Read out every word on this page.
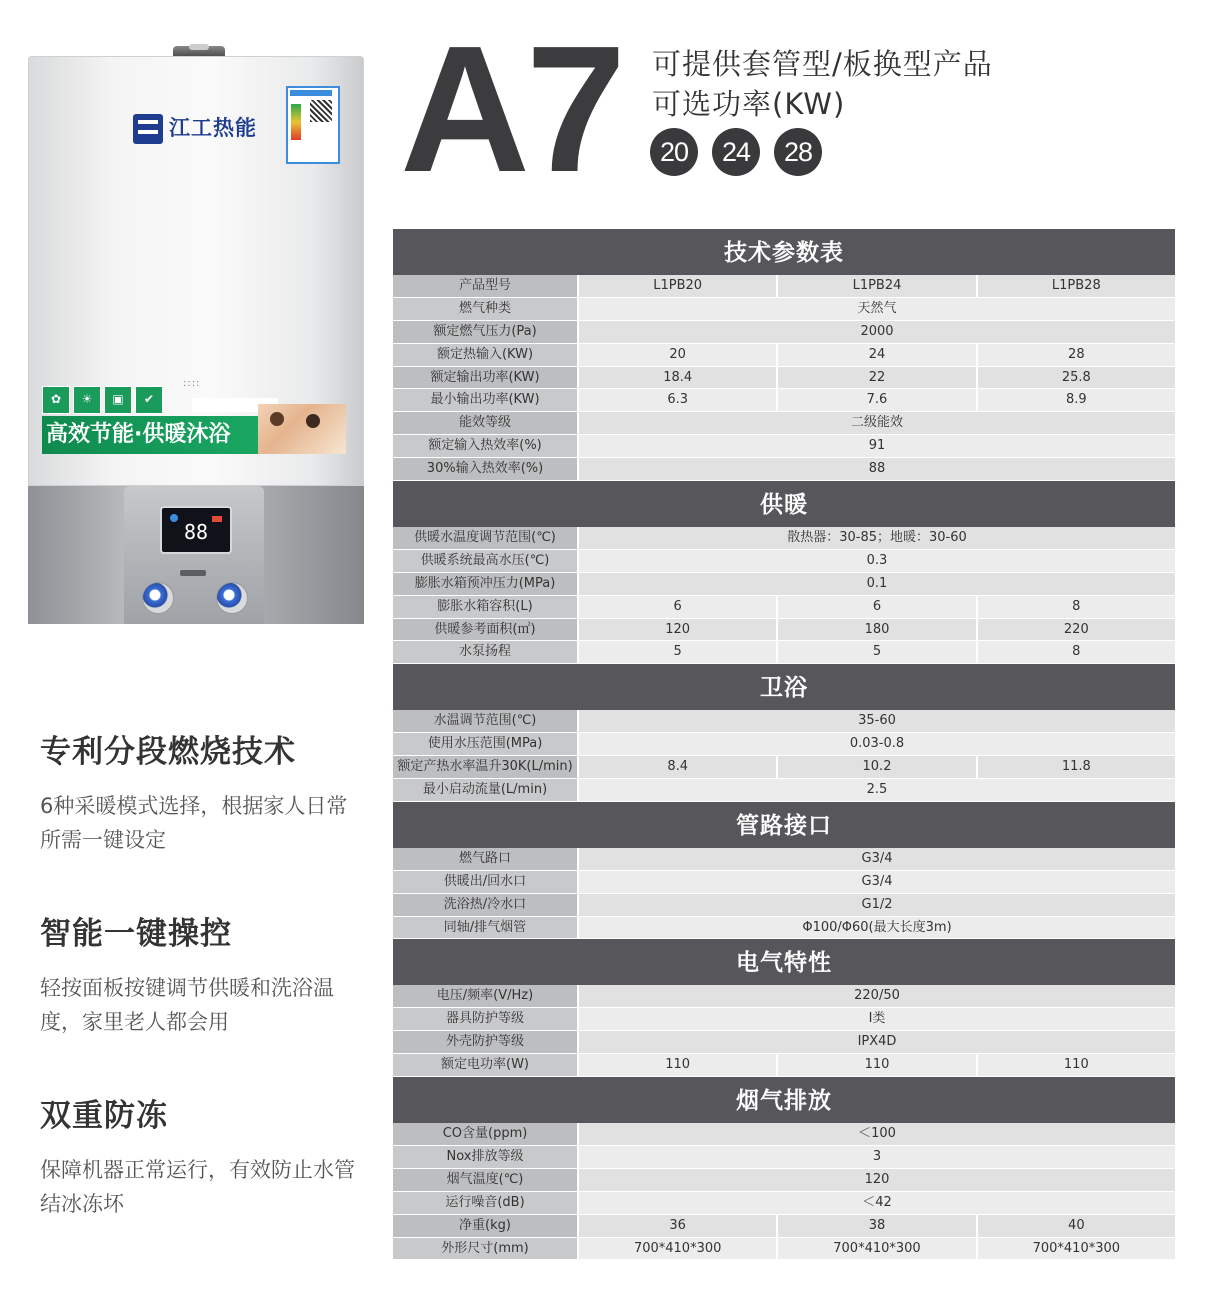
江工热能
::::
✿	☀	▣	✔
高效节能·供暖沐浴
88
A7 可提供套管型/板换型产品
可选功率(KW)
20	24	28
专利分段燃烧技术

6种采暖模式选择，根据家人日常所需一键设定

智能一键操控

轻按面板按键调节供暖和洗浴温度，家里老人都会用

双重防冻

保障机器正常运行，有效防止水管结冰冻坏

技术参数表
产品型号	L1PB20	L1PB24	L1PB28
燃气种类	天然气
额定燃气压力(Pa)	2000
额定热输入(KW)	20	24	28
额定输出功率(KW)	18.4	22	25.8
最小输出功率(KW)	6.3	7.6	8.9
能效等级	二级能效
额定输入热效率(%)	91
30%输入热效率(%)	88
供暖
供暖水温度调节范围(℃)	散热器：30-85；地暖：30-60
供暖系统最高水压(℃)	0.3
膨胀水箱预冲压力(MPa)	0.1
膨胀水箱容积(L)	6	6	8
供暖参考面积(㎡)	120	180	220
水泵扬程	5	5	8
卫浴
水温调节范围(℃)	35-60
使用水压范围(MPa)	0.03-0.8
额定产热水率温升30K(L/min)	8.4	10.2	11.8
最小启动流量(L/min)	2.5
管路接口
燃气路口	G3/4
供暖出/回水口	G3/4
洗浴热/冷水口	G1/2
同轴/排气烟管	Φ100/Φ60(最大长度3m)
电气特性
电压/频率(V/Hz)	220/50
器具防护等级	I类
外壳防护等级	IPX4D
额定电功率(W)	110	110	110
烟气排放
CO含量(ppm)	＜100
Nox排放等级	3
烟气温度(℃)	120
运行噪音(dB)	＜42
净重(kg)	36	38	40
外形尺寸(mm)	700*410*300	700*410*300	700*410*300
